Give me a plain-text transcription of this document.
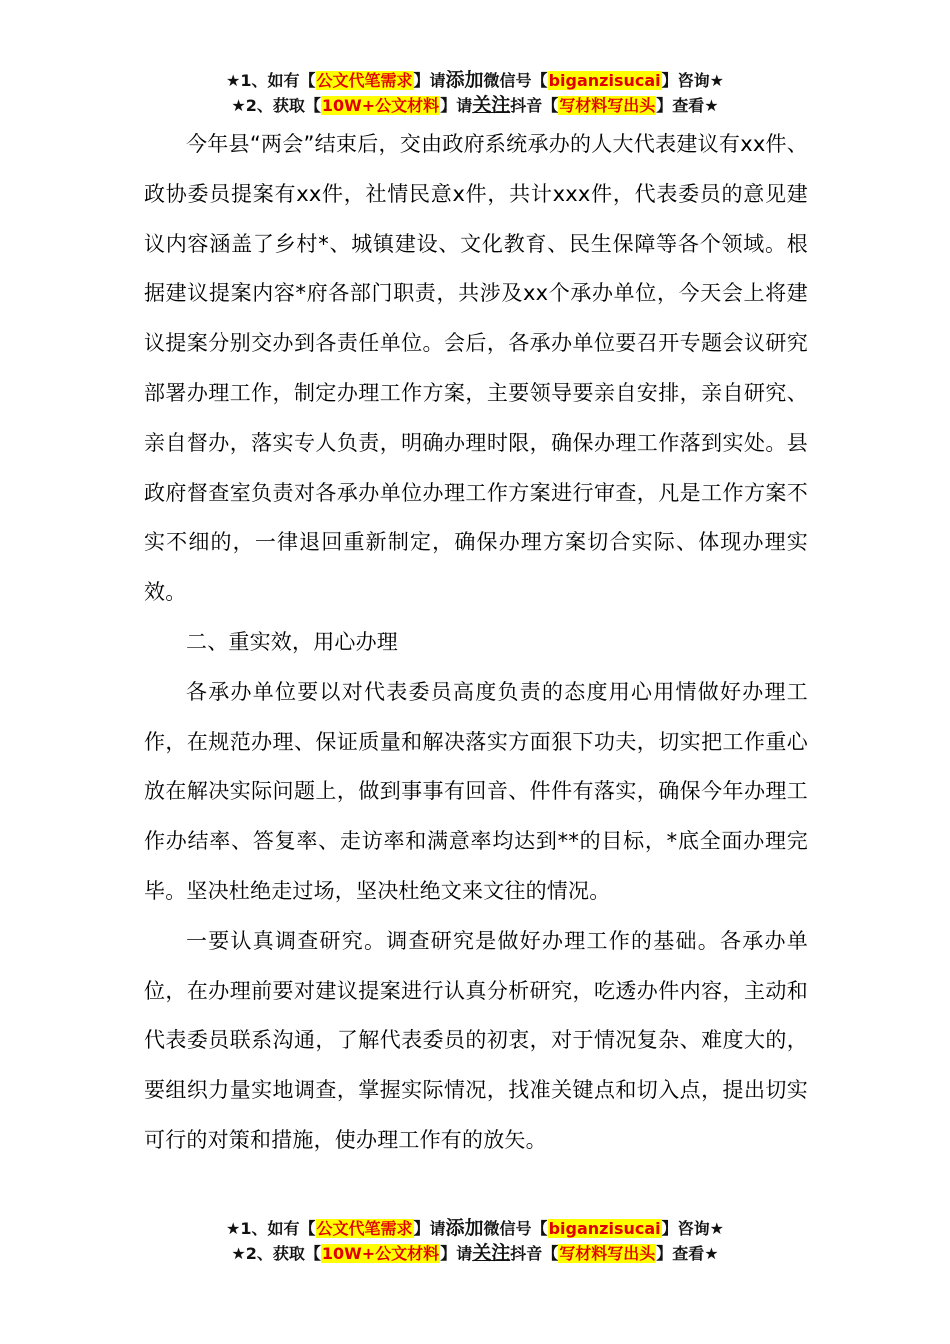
★1、如有【公文代笔需求】请添加微信号【biganzisucai】咨询★
★2、获取【10W+公文材料】请关注抖音【写材料写出头】查看★

今年县“两会”结束后，交由政府系统承办的人大代表建议有xx件、政协委员提案有xx件，社情民意x件，共计xxx件，代表委员的意见建议内容涵盖了乡村*、城镇建设、文化教育、民生保障等各个领域。根据建议提案内容*府各部门职责，共涉及xx个承办单位，今天会上将建议提案分别交办到各责任单位。会后，各承办单位要召开专题会议研究部署办理工作，制定办理工作方案，主要领导要亲自安排，亲自研究、亲自督办，落实专人负责，明确办理时限，确保办理工作落到实处。县政府督查室负责对各承办单位办理工作方案进行审查，凡是工作方案不实不细的，一律退回重新制定，确保办理方案切合实际、体现办理实效。

二、重实效，用心办理

各承办单位要以对代表委员高度负责的态度用心用情做好办理工作，在规范办理、保证质量和解决落实方面狠下功夫，切实把工作重心放在解决实际问题上，做到事事有回音、件件有落实，确保今年办理工作办结率、答复率、走访率和满意率均达到**的目标，*底全面办理完毕。坚决杜绝走过场，坚决杜绝文来文往的情况。

一要认真调查研究。调查研究是做好办理工作的基础。各承办单位，在办理前要对建议提案进行认真分析研究，吃透办件内容，主动和代表委员联系沟通，了解代表委员的初衷，对于情况复杂、难度大的，要组织力量实地调查，掌握实际情况，找准关键点和切入点，提出切实可行的对策和措施，使办理工作有的放矢。

★1、如有【公文代笔需求】请添加微信号【biganzisucai】咨询★
★2、获取【10W+公文材料】请关注抖音【写材料写出头】查看★
